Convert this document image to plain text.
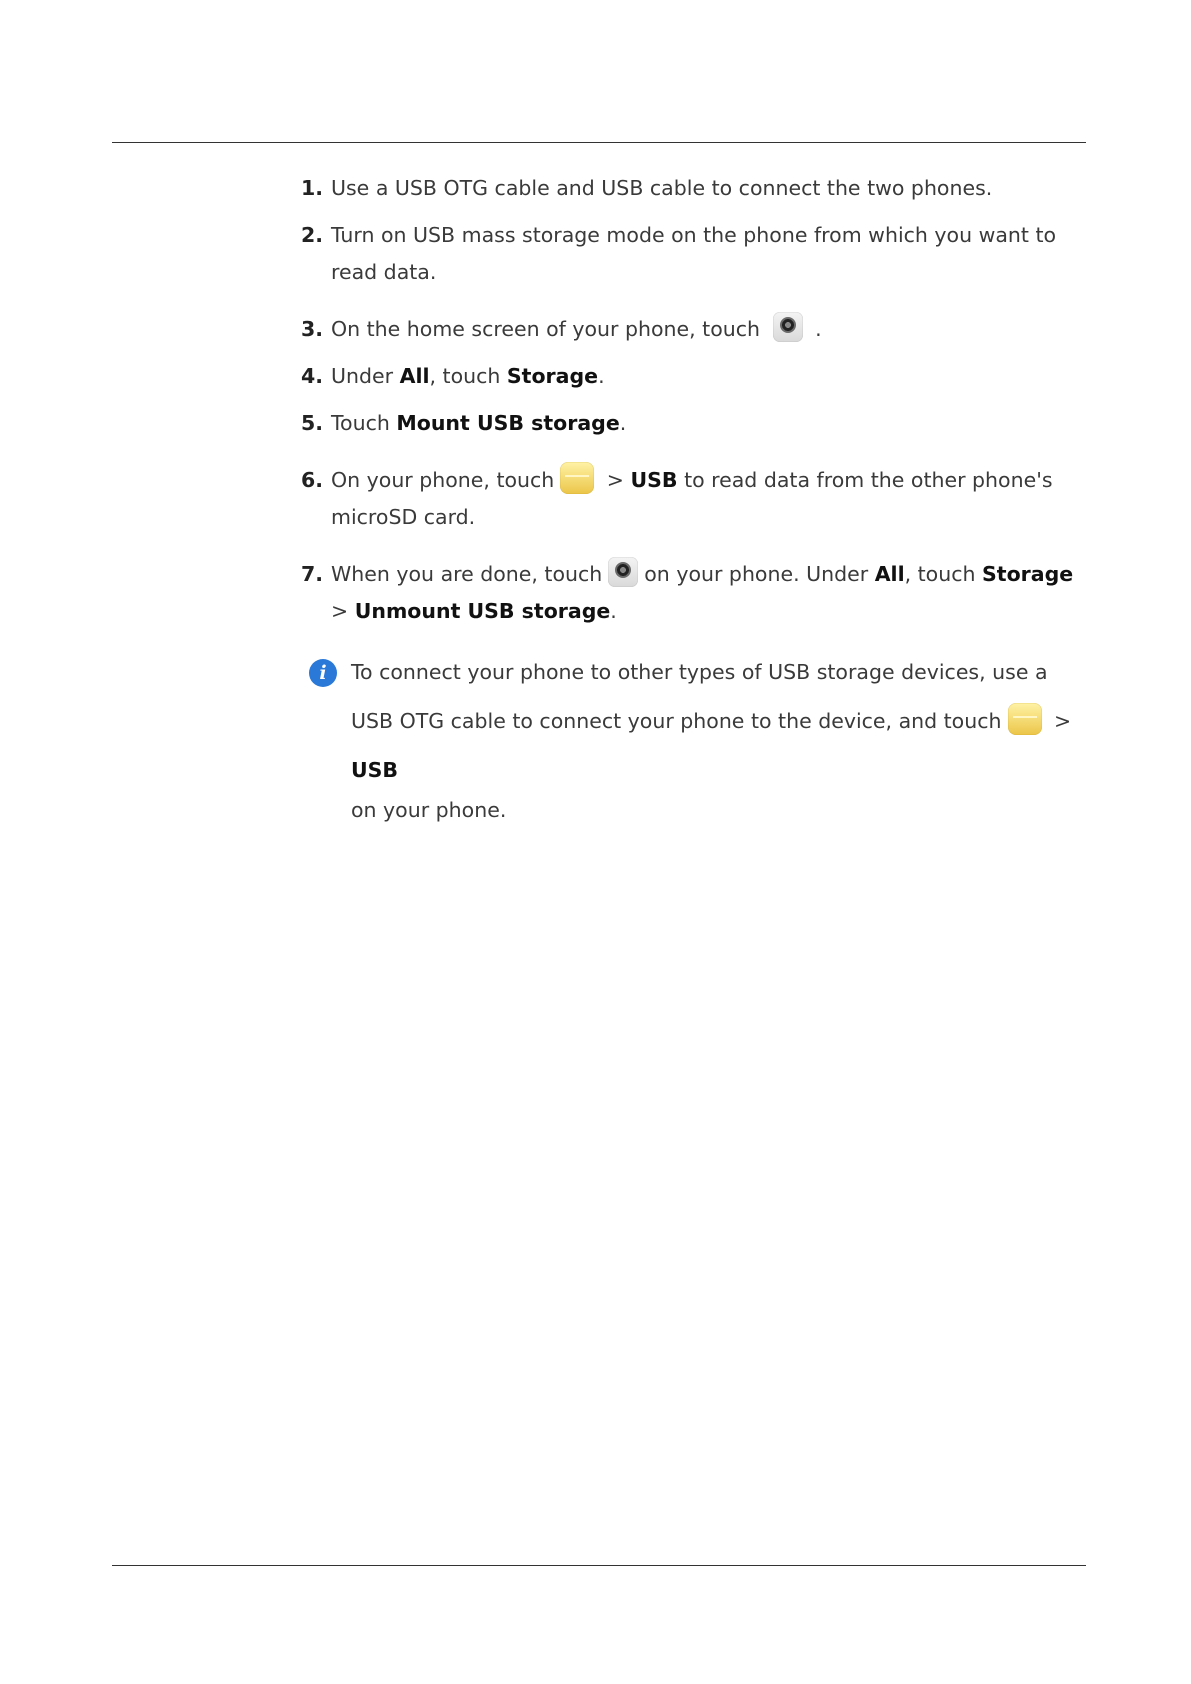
1. Use a USB OTG cable and USB cable to connect the two phones.
2. Turn on USB mass storage mode on the phone from which you want to read data.
3. On the home screen of your phone, touch	.
4. Under All, touch Storage.
5. Touch Mount USB storage.
6. On your phone, touch > USB to read data from the other phone's microSD card.
7. When you are done, touch on your phone. Under All, touch Storage > Unmount USB storage.
i	To connect your phone to other types of USB storage devices, use a USB OTG cable to connect your phone to the device, and touch > USB
on your phone.
